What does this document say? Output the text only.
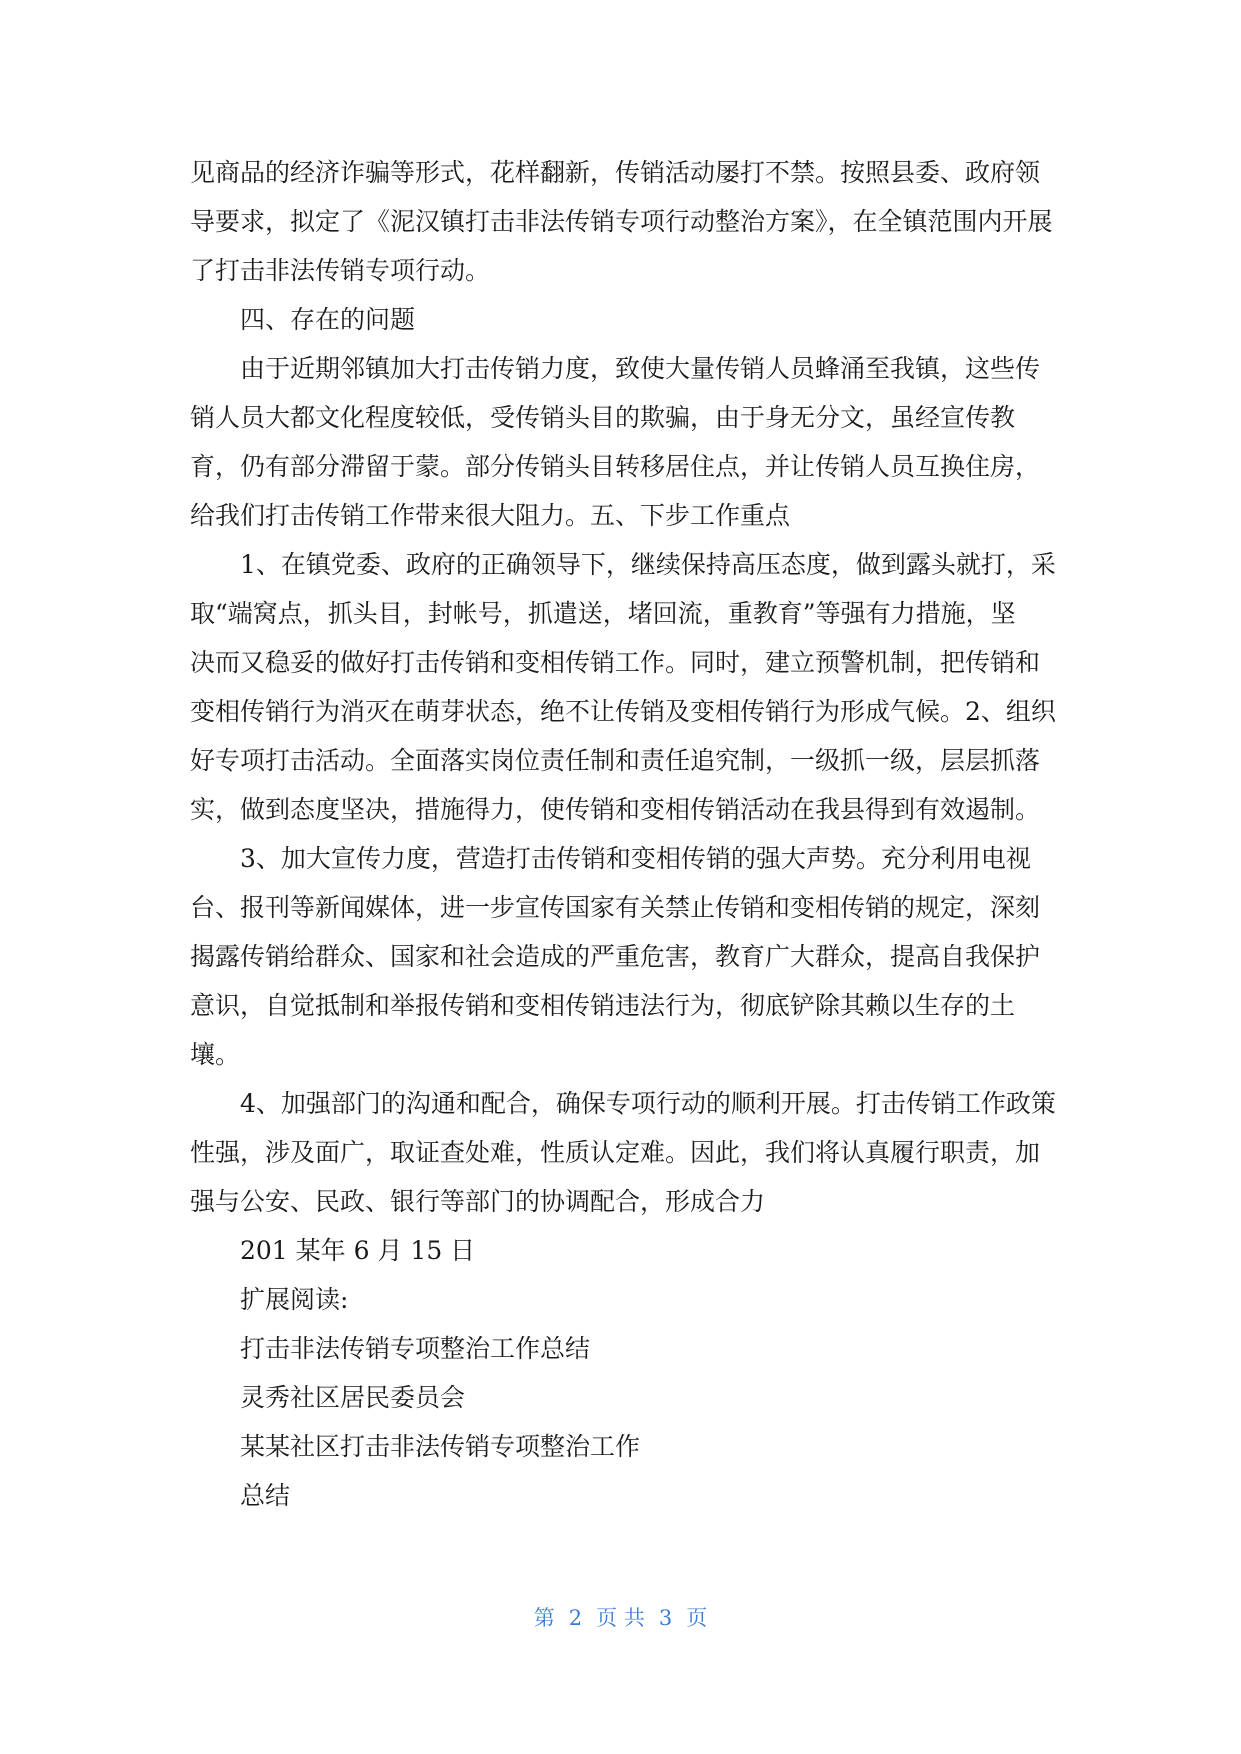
见商品的经济诈骗等形式，花样翻新，传销活动屡打不禁。按照县委、政府领
导要求，拟定了《泥汉镇打击非法传销专项行动整治方案》，在全镇范围内开展
了打击非法传销专项行动。
四、存在的问题
由于近期邻镇加大打击传销力度，致使大量传销人员蜂涌至我镇，这些传
销人员大都文化程度较低，受传销头目的欺骗，由于身无分文，虽经宣传教
育，仍有部分滞留于蒙。部分传销头目转移居住点，并让传销人员互换住房，
给我们打击传销工作带来很大阻力。五、下步工作重点
1、在镇党委、政府的正确领导下，继续保持高压态度，做到露头就打，采
取“端窝点，抓头目，封帐号，抓遣送，堵回流，重教育”等强有力措施，坚
决而又稳妥的做好打击传销和变相传销工作。同时，建立预警机制，把传销和
变相传销行为消灭在萌芽状态，绝不让传销及变相传销行为形成气候。2、组织
好专项打击活动。全面落实岗位责任制和责任追究制，一级抓一级，层层抓落
实，做到态度坚决，措施得力，使传销和变相传销活动在我县得到有效遏制。
3、加大宣传力度，营造打击传销和变相传销的强大声势。充分利用电视
台、报刊等新闻媒体，进一步宣传国家有关禁止传销和变相传销的规定，深刻
揭露传销给群众、国家和社会造成的严重危害，教育广大群众，提高自我保护
意识，自觉抵制和举报传销和变相传销违法行为，彻底铲除其赖以生存的土
壤。
4、加强部门的沟通和配合，确保专项行动的顺利开展。打击传销工作政策
性强，涉及面广，取证查处难，性质认定难。因此，我们将认真履行职责，加
强与公安、民政、银行等部门的协调配合，形成合力
201 某年 6 月 15 日
扩展阅读:
打击非法传销专项整治工作总结
灵秀社区居民委员会
某某社区打击非法传销专项整治工作
总结
第 2 页 共 3 页
